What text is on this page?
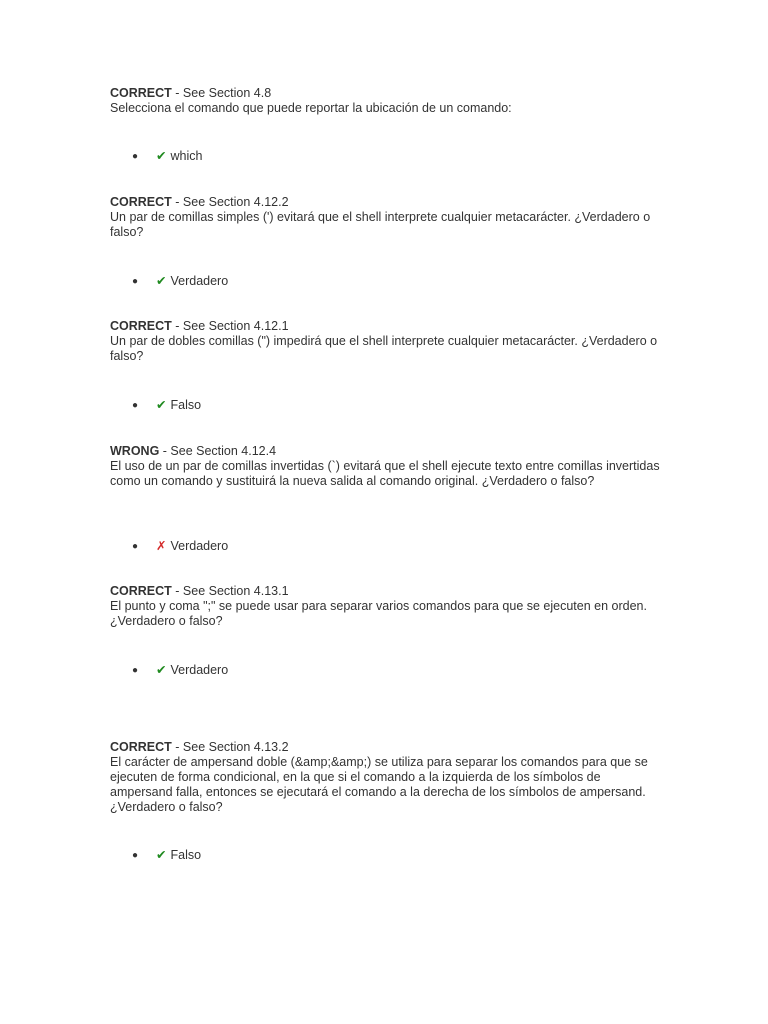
CORRECT - See Section 4.8
Selecciona el comando que puede reportar la ubicación de un comando:
● ✔ which
CORRECT - See Section 4.12.2
Un par de comillas simples (') evitará que el shell interprete cualquier metacarácter. ¿Verdadero o falso?
● ✔ Verdadero
CORRECT - See Section 4.12.1
Un par de dobles comillas (") impedirá que el shell interprete cualquier metacarácter. ¿Verdadero o falso?
● ✔ Falso
WRONG - See Section 4.12.4
El uso de un par de comillas invertidas (`) evitará que el shell ejecute texto entre comillas invertidas como un comando y sustituirá la nueva salida al comando original. ¿Verdadero o falso?
● ✗ Verdadero
CORRECT - See Section 4.13.1
El punto y coma ";" se puede usar para separar varios comandos para que se ejecuten en orden. ¿Verdadero o falso?
● ✔ Verdadero
CORRECT - See Section 4.13.2
El carácter de ampersand doble (&amp;&amp;) se utiliza para separar los comandos para que se ejecuten de forma condicional, en la que si el comando a la izquierda de los símbolos de ampersand falla, entonces se ejecutará el comando a la derecha de los símbolos de ampersand. ¿Verdadero o falso?
● ✔ Falso
